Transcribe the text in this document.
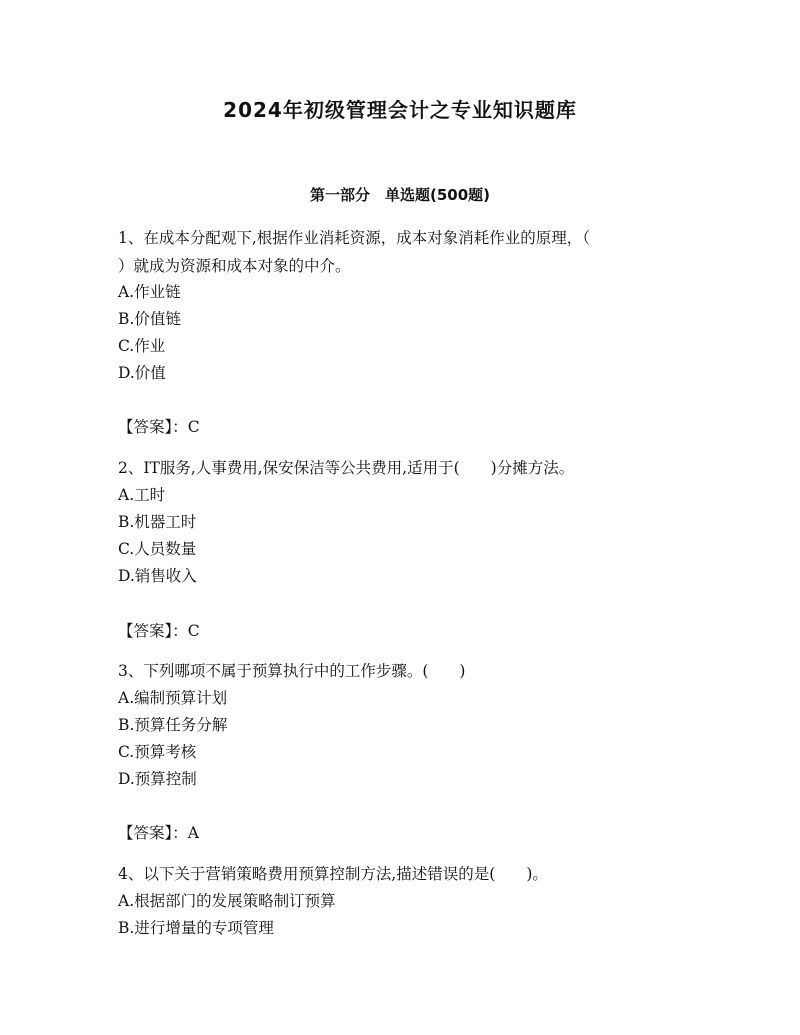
2024年初级管理会计之专业知识题库
第一部分　单选题(500题)

1、在成本分配观下,根据作业消耗资源，成本对象消耗作业的原理，（

）就成为资源和成本对象的中介。

A.作业链

B.价值链

C.作业

D.价值

【答案】：C

2、IT服务,人事费用,保安保洁等公共费用,适用于(　　)分摊方法。

A.工时

B.机器工时

C.人员数量

D.销售收入

【答案】：C

3、下列哪项不属于预算执行中的工作步骤。(　　)

A.编制预算计划

B.预算任务分解

C.预算考核

D.预算控制

【答案】：A

4、以下关于营销策略费用预算控制方法,描述错误的是(　　)。

A.根据部门的发展策略制订预算

B.进行增量的专项管理
